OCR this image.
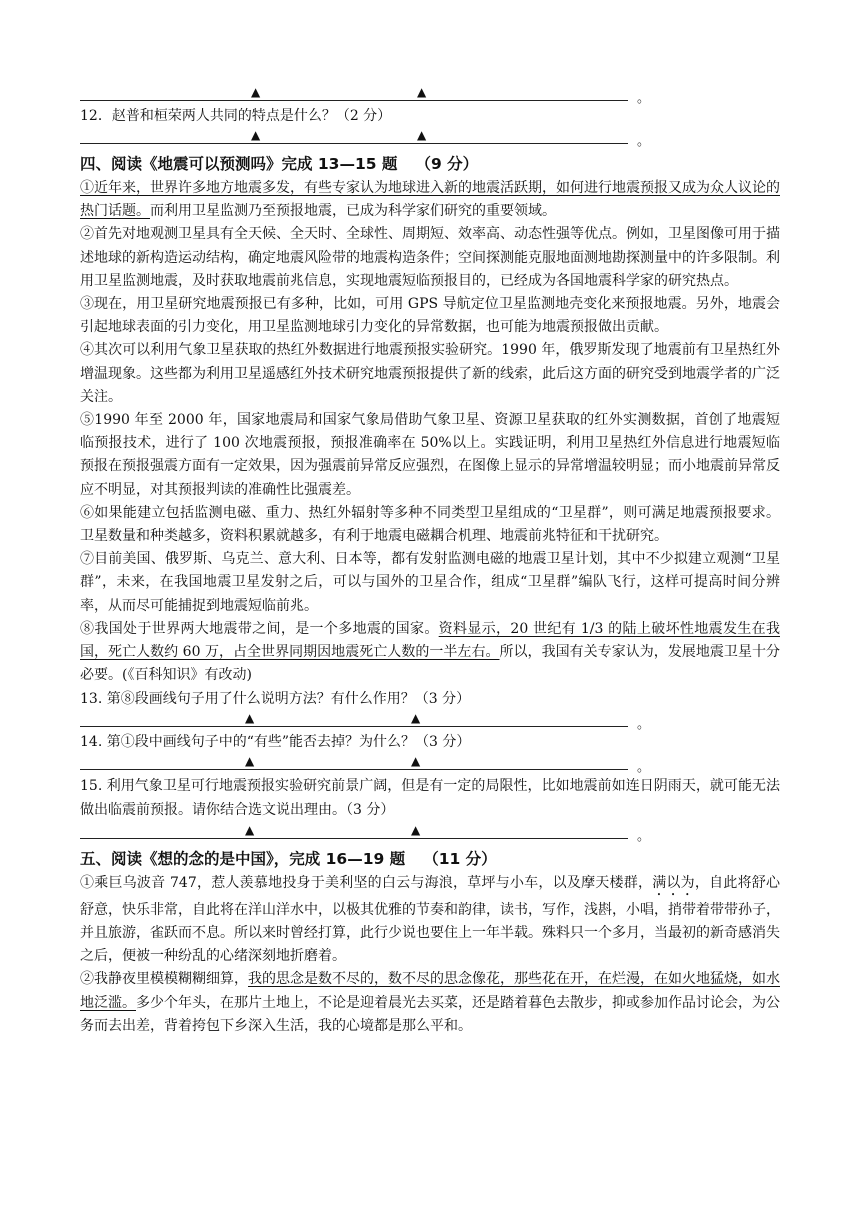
▲	▲	。

12．赵普和桓荣两人共同的特点是什么？（2 分）

▲	▲	。
四、阅读《地震可以预测吗》完成 13—15 题 （9 分）

①近年来，世界许多地方地震多发，有些专家认为地球进入新的地震活跃期，如何进行地震预报又成为众人议论的热门话题。而利用卫星监测乃至预报地震，已成为科学家们研究的重要领域。

②首先对地观测卫星具有全天候、全天时、全球性、周期短、效率高、动态性强等优点。例如，卫星图像可用于描述地球的新构造运动结构，确定地震风险带的地震构造条件；空间探测能克服地面测地勘探测量中的许多限制。利用卫星监测地震，及时获取地震前兆信息，实现地震短临预报目的，已经成为各国地震科学家的研究热点。

③现在，用卫星研究地震预报已有多种，比如，可用 GPS 导航定位卫星监测地壳变化来预报地震。另外，地震会引起地球表面的引力变化，用卫星监测地球引力变化的异常数据，也可能为地震预报做出贡献。

④其次可以利用气象卫星获取的热红外数据进行地震预报实验研究。1990 年，俄罗斯发现了地震前有卫星热红外增温现象。这些都为利用卫星遥感红外技术研究地震预报提供了新的线索，此后这方面的研究受到地震学者的广泛关注。

⑤1990 年至 2000 年，国家地震局和国家气象局借助气象卫星、资源卫星获取的红外实测数据，首创了地震短临预报技术，进行了 100 次地震预报，预报准确率在 50%以上。实践证明，利用卫星热红外信息进行地震短临预报在预报强震方面有一定效果，因为强震前异常反应强烈，在图像上显示的异常增温较明显；而小地震前异常反应不明显，对其预报判读的准确性比强震差。

⑥如果能建立包括监测电磁、重力、热红外辐射等多种不同类型卫星组成的“卫星群”，则可满足地震预报要求。卫星数量和种类越多，资料积累就越多，有利于地震电磁耦合机理、地震前兆特征和干扰研究。

⑦目前美国、俄罗斯、乌克兰、意大利、日本等，都有发射监测电磁的地震卫星计划，其中不少拟建立观测“卫星群”，未来，在我国地震卫星发射之后，可以与国外的卫星合作，组成“卫星群”编队飞行，这样可提高时间分辨率，从而尽可能捕捉到地震短临前兆。

⑧我国处于世界两大地震带之间，是一个多地震的国家。资料显示，20 世纪有 1/3 的陆上破坏性地震发生在我国，死亡人数约 60 万，占全世界同期因地震死亡人数的一半左右。所以，我国有关专家认为，发展地震卫星十分必要。(《百科知识》有改动)

13. 第⑧段画线句子用了什么说明方法？有什么作用？（3 分）

▲	▲	。

14. 第①段中画线句子中的“有些”能否去掉？为什么？（3 分）

▲	▲	。

15. 利用气象卫星可行地震预报实验研究前景广阔，但是有一定的局限性，比如地震前如连日阴雨天，就可能无法做出临震前预报。请你结合选文说出理由。（3 分）

▲	▲	。
五、阅读《想的念的是中国》，完成 16—19 题 （11 分）

①乘巨乌波音 747，惹人羡慕地投身于美利坚的白云与海浪，草坪与小车，以及摩天楼群，满以为，自此将舒心舒意，快乐非常，自此将在洋山洋水中，以极其优雅的节奏和韵律，读书，写作，浅斟，小唱，捎带着带带孙子，并且旅游，雀跃而不息。所以来时曾经打算，此行少说也要住上一年半载。殊料只一个多月，当最初的新奇感消失之后，便被一种纷乱的心绪深刻地折磨着。

②我静夜里模模糊糊细算，我的思念是数不尽的，数不尽的思念像花，那些花在开，在烂漫，在如火地猛烧，如水地泛滥。多少个年头，在那片土地上，不论是迎着晨光去买菜，还是踏着暮色去散步，抑或参加作品讨论会，为公务而去出差，背着挎包下乡深入生活，我的心境都是那么平和。
